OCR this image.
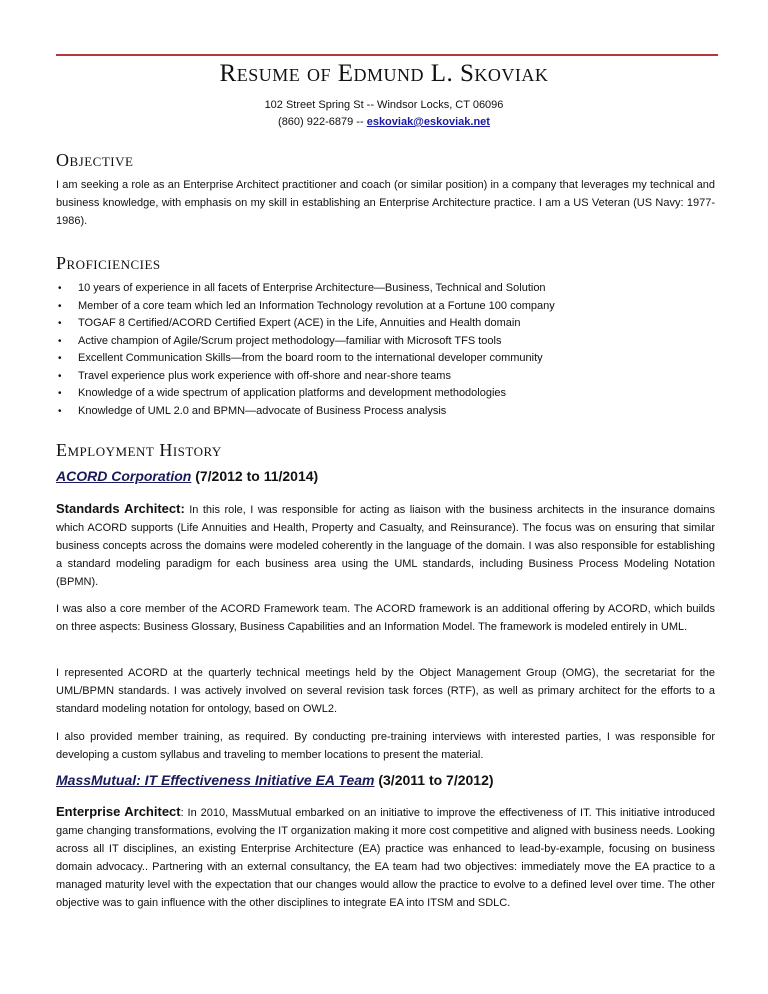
Resume of Edmund L. Skoviak
102 Street Spring St -- Windsor Locks, CT 06096
(860) 922-6879 -- eskoviak@eskoviak.net
Objective
I am seeking a role as an Enterprise Architect practitioner and coach (or similar position) in a company that leverages my technical and business knowledge, with emphasis on my skill in establishing an Enterprise Architecture practice. I am a US Veteran (US Navy: 1977- 1986).
Proficiencies
• 10 years of experience in all facets of Enterprise Architecture—Business, Technical and Solution
• Member of a core team which led an Information Technology revolution at a Fortune 100 company
• TOGAF 8 Certified/ACORD Certified Expert (ACE) in the Life, Annuities and Health domain
• Active champion of Agile/Scrum project methodology—familiar with Microsoft TFS tools
• Excellent Communication Skills—from the board room to the international developer community
• Travel experience plus work experience with off-shore and near-shore teams
• Knowledge of a wide spectrum of application platforms and development methodologies
• Knowledge of UML 2.0 and BPMN—advocate of Business Process analysis
Employment History
ACORD Corporation (7/2012 to 11/2014)
Standards Architect: In this role, I was responsible for acting as liaison with the business architects in the insurance domains which ACORD supports (Life Annuities and Health, Property and Casualty, and Reinsurance). The focus was on ensuring that similar business concepts across the domains were modeled coherently in the language of the domain. I was also responsible for establishing a standard modeling paradigm for each business area using the UML standards, including Business Process Modeling Notation (BPMN).
I was also a core member of the ACORD Framework team. The ACORD framework is an additional offering by ACORD, which builds on three aspects: Business Glossary, Business Capabilities and an Information Model. The framework is modeled entirely in UML.
I represented ACORD at the quarterly technical meetings held by the Object Management Group (OMG), the secretariat for the UML/BPMN standards. I was actively involved on several revision task forces (RTF), as well as primary architect for the efforts to a standard modeling notation for ontology, based on OWL2.
I also provided member training, as required. By conducting pre-training interviews with interested parties, I was responsible for developing a custom syllabus and traveling to member locations to present the material.
MassMutual: IT Effectiveness Initiative EA Team (3/2011 to 7/2012)
Enterprise Architect: In 2010, MassMutual embarked on an initiative to improve the effectiveness of IT. This initiative introduced game changing transformations, evolving the IT organization making it more cost competitive and aligned with business needs. Looking across all IT disciplines, an existing Enterprise Architecture (EA) practice was enhanced to lead-by-example, focusing on business domain advocacy.. Partnering with an external consultancy, the EA team had two objectives: immediately move the EA practice to a managed maturity level with the expectation that our changes would allow the practice to evolve to a defined level over time. The other objective was to gain influence with the other disciplines to integrate EA into ITSM and SDLC.
